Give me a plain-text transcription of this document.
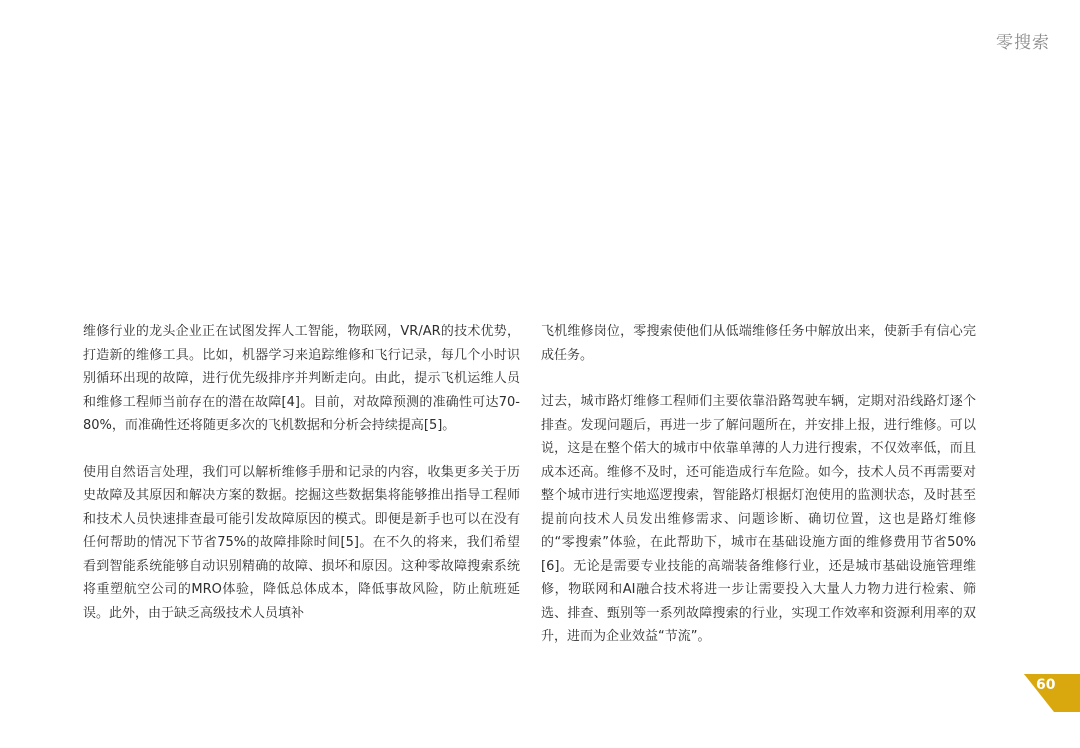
零搜索

维修行业的龙头企业正在试图发挥人工智能，物联网，VR/AR的技术优势，打造新的维修工具。比如，机器学习来追踪维修和飞行记录，每几个小时识别循环出现的故障，进行优先级排序并判断走向。由此，提示飞机运维人员和维修工程师当前存在的潜在故障[4]。目前，对故障预测的准确性可达70-80%，而准确性还将随更多次的飞机数据和分析会持续提高[5]。

使用自然语言处理，我们可以解析维修手册和记录的内容，收集更多关于历史故障及其原因和解决方案的数据。挖掘这些数据集将能够推出指导工程师和技术人员快速排查最可能引发故障原因的模式。即便是新手也可以在没有任何帮助的情况下节省75%的故障排除时间[5]。在不久的将来，我们希望看到智能系统能够自动识别精确的故障、损坏和原因。这种零故障搜索系统将重塑航空公司的MRO体验，降低总体成本，降低事故风险，防止航班延误。此外，由于缺乏高级技术人员填补

飞机维修岗位，零搜索使他们从低端维修任务中解放出来，使新手有信心完成任务。

过去，城市路灯维修工程师们主要依靠沿路驾驶车辆，定期对沿线路灯逐个排查。发现问题后，再进一步了解问题所在，并安排上报，进行维修。可以说，这是在整个偌大的城市中依靠单薄的人力进行搜索，不仅效率低，而且成本还高。维修不及时，还可能造成行车危险。如今，技术人员不再需要对整个城市进行实地巡逻搜索，智能路灯根据灯泡使用的监测状态，及时甚至提前向技术人员发出维修需求、问题诊断、确切位置，这也是路灯维修的“零搜索”体验，在此帮助下，城市在基础设施方面的维修费用节省50%[6]。无论是需要专业技能的高端装备维修行业，还是城市基础设施管理维修，物联网和AI融合技术将进一步让需要投入大量人力物力进行检索、筛选、排查、甄别等一系列故障搜索的行业，实现工作效率和资源利用率的双升，进而为企业效益“节流”。

60
